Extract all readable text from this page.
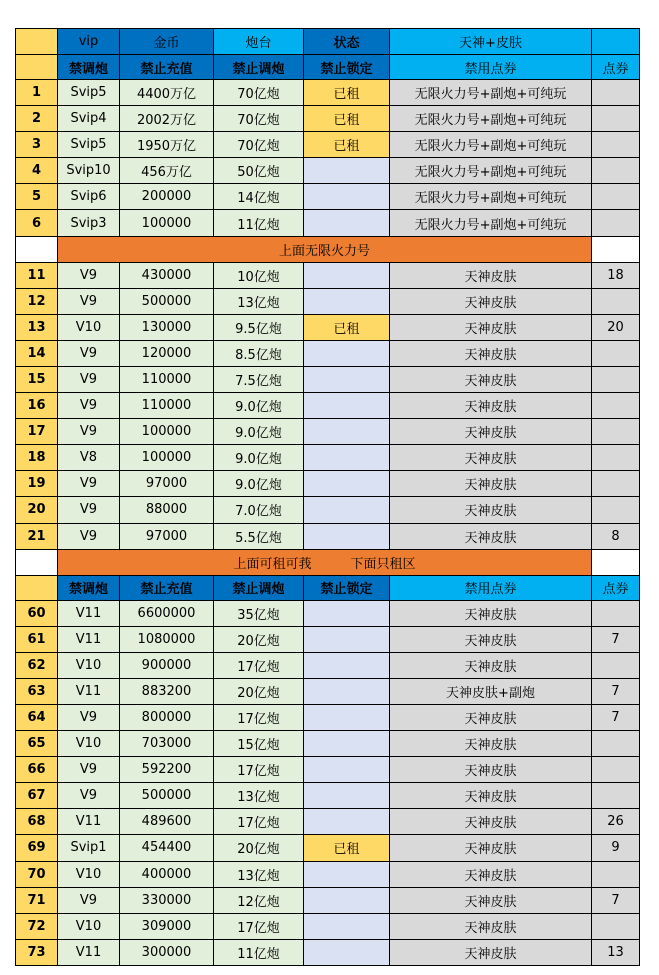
	vip	金币	炮台	状态	天神+皮肤	
	禁调炮	禁止充值	禁止调炮	禁止锁定	禁用点券	点券
1	Svip5	4400万亿	70亿炮	已租	无限火力号+副炮+可纯玩	
2	Svip4	2002万亿	70亿炮	已租	无限火力号+副炮+可纯玩	
3	Svip5	1950万亿	70亿炮	已租	无限火力号+副炮+可纯玩	
4	Svip10	456万亿	50亿炮		无限火力号+副炮+可纯玩	
5	Svip6	200000	14亿炮		无限火力号+副炮+可纯玩	
6	Svip3	100000	11亿炮		无限火力号+副炮+可纯玩	
	上面无限火力号					
11	V9	430000	10亿炮		天神皮肤	18
12	V9	500000	13亿炮		天神皮肤	
13	V10	130000	9.5亿炮	已租	天神皮肤	20
14	V9	120000	8.5亿炮		天神皮肤	
15	V9	110000	7.5亿炮		天神皮肤	
16	V9	110000	9.0亿炮		天神皮肤	
17	V9	100000	9.0亿炮		天神皮肤	
18	V8	100000	9.0亿炮		天神皮肤	
19	V9	97000	9.0亿炮		天神皮肤	
20	V9	88000	7.0亿炮		天神皮肤	
21	V9	97000	5.5亿炮		天神皮肤	8
	上面可租可莪　　　下面只租区					
	禁调炮	禁止充值	禁止调炮	禁止锁定	禁用点券	点券
60	V11	6600000	35亿炮		天神皮肤	
61	V11	1080000	20亿炮		天神皮肤	7
62	V10	900000	17亿炮		天神皮肤	
63	V11	883200	20亿炮		天神皮肤+副炮	7
64	V9	800000	17亿炮		天神皮肤	7
65	V10	703000	15亿炮		天神皮肤	
66	V9	592200	17亿炮		天神皮肤	
67	V9	500000	13亿炮		天神皮肤	
68	V11	489600	17亿炮		天神皮肤	26
69	Svip1	454400	20亿炮	已租	天神皮肤	9
70	V10	400000	13亿炮		天神皮肤	
71	V9	330000	12亿炮		天神皮肤	7
72	V10	309000	17亿炮		天神皮肤	
73	V11	300000	11亿炮		天神皮肤	13
